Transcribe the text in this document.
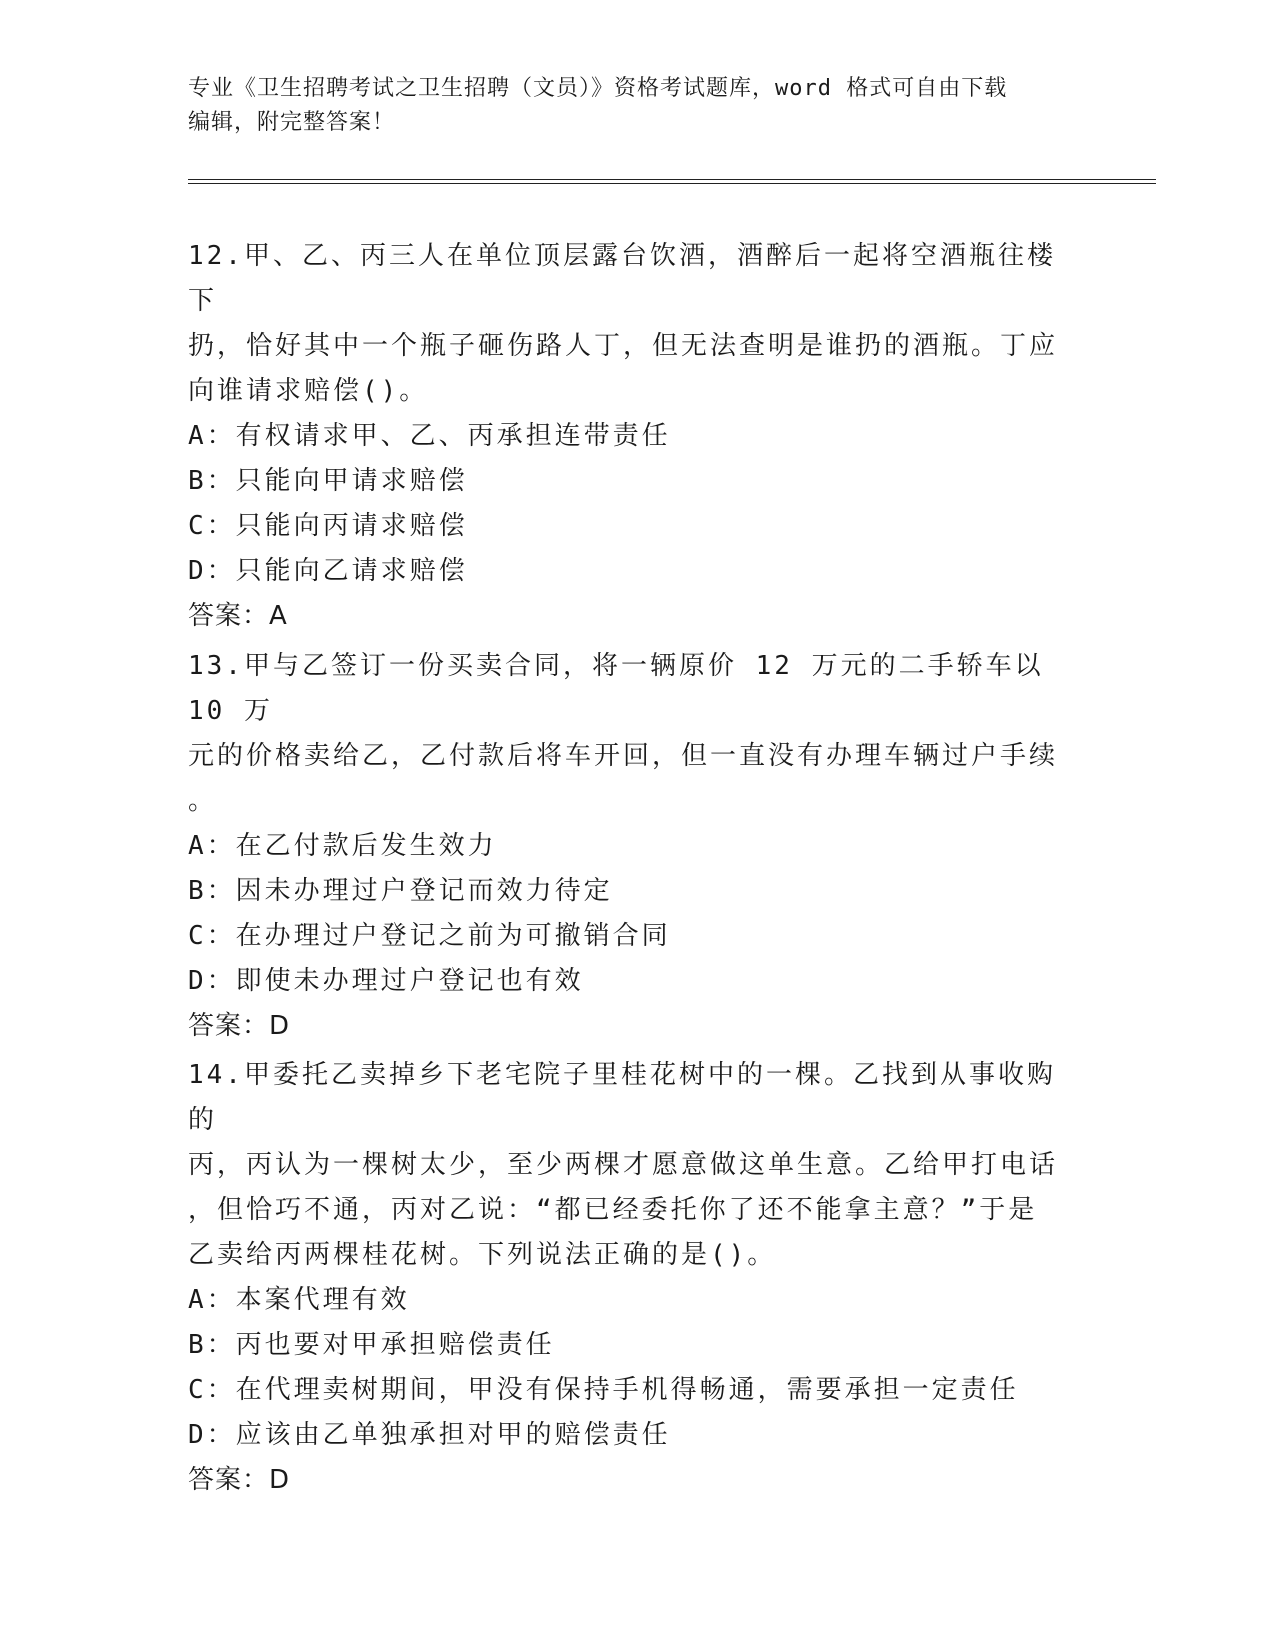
专业《卫生招聘考试之卫生招聘（文员）》资格考试题库，word 格式可自由下载
编辑，附完整答案！

12.甲、乙、丙三人在单位顶层露台饮酒，酒醉后一起将空酒瓶往楼下

扔，恰好其中一个瓶子砸伤路人丁，但无法查明是谁扔的酒瓶。丁应

向谁请求赔偿()。

A：有权请求甲、乙、丙承担连带责任

B：只能向甲请求赔偿

C：只能向丙请求赔偿

D：只能向乙请求赔偿

答案：A

13.甲与乙签订一份买卖合同，将一辆原价 12 万元的二手轿车以 10 万

元的价格卖给乙，乙付款后将车开回，但一直没有办理车辆过户手续

。

A：在乙付款后发生效力

B：因未办理过户登记而效力待定

C：在办理过户登记之前为可撤销合同

D：即使未办理过户登记也有效

答案：D

14.甲委托乙卖掉乡下老宅院子里桂花树中的一棵。乙找到从事收购的

丙，丙认为一棵树太少，至少两棵才愿意做这单生意。乙给甲打电话

，但恰巧不通，丙对乙说：“都已经委托你了还不能拿主意？”于是

乙卖给丙两棵桂花树。下列说法正确的是()。

A：本案代理有效

B：丙也要对甲承担赔偿责任

C：在代理卖树期间，甲没有保持手机得畅通，需要承担一定责任

D：应该由乙单独承担对甲的赔偿责任

答案：D
